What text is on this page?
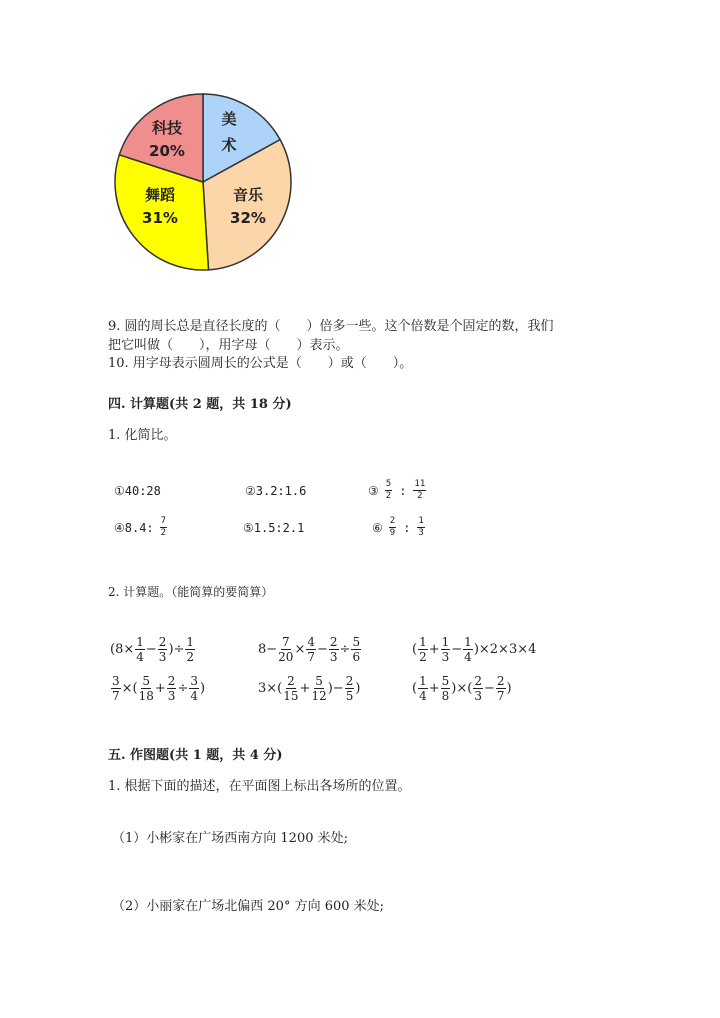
美
术
科技
20%
音乐
32%
舞蹈
31%
9. 圆的周长总是直径长度的（　　）倍多一些。这个倍数是个固定的数，我们
把它叫做（　　），用字母（　　）表示。
10. 用字母表示圆周长的公式是（　　）或（　　）。
四. 计算题(共 2 题，共 18 分)
1. 化简比。
①40:28	②3.2:1.6	③ $\frac{5}{2}$ : $\frac{11}{2}$
④8.4: $\frac{7}{2}$	⑤1.5:2.1	⑥ $\frac{2}{9}$ : $\frac{1}{3}$
2. 计算题。（能简算的要简算）
($8\times \frac{1}{4} - \frac{2}{3}$ )÷ $\frac{1}{2}$	$8- \frac{7}{20} \times \frac{4}{7} - \frac{2}{3} \div \frac{5}{6}$	( $\frac{1}{2} + \frac{1}{3} - \frac{1}{4} )\times 2\times 3\times 4$
$\frac{3}{7}$ ×( $\frac{5}{18} + \frac{2}{3} \div \frac{3}{4}$ )	$3\times( \frac{2}{15} + \frac{5}{12}$ )− $\frac{2}{5}$ )	( $\frac{1}{4} + \frac{5}{8}$ )×( $\frac{2}{3} - \frac{2}{7}$ )
五. 作图题(共 1 题，共 4 分)
1. 根据下面的描述，在平面图上标出各场所的位置。
（1）小彬家在广场西南方向 1200 米处;
（2）小丽家在广场北偏西 20° 方向 600 米处;
